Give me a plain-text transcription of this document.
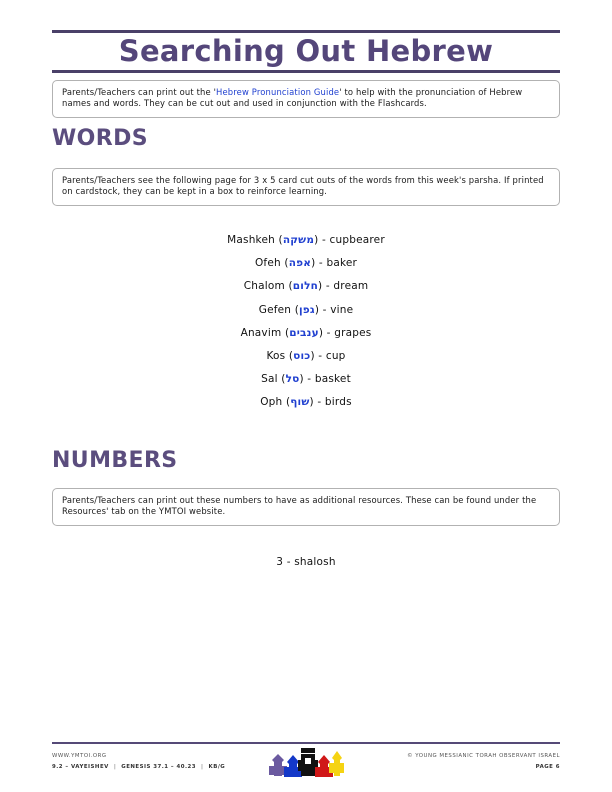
Searching Out Hebrew
Parents/Teachers can print out the 'Hebrew Pronunciation Guide' to help with the pronunciation of Hebrew names and words. They can be cut out and used in conjunction with the Flashcards.
WORDS
Parents/Teachers see the following page for 3 x 5 card cut outs of the words from this week's parsha. If printed on cardstock, they can be kept in a box to reinforce learning.
Mashkeh (משקה) - cupbearer
Ofeh (אפה) - baker
Chalom (חלום) - dream
Gefen (גפן) - vine
Anavim (ענבים) - grapes
Kos (כוס) - cup
Sal (סל) - basket
Oph (שוף) - birds
NUMBERS
Parents/Teachers can print out these numbers to have as additional resources. These can be found under the Resources' tab on the YMTOI website.
3 - shalosh
WWW.YMTOI.ORG
9.2 – VAYEISHEV | GENESIS 37.1 – 40.23 | KB/G
© YOUNG MESSIANIC TORAH OBSERVANT ISRAEL
PAGE 6
